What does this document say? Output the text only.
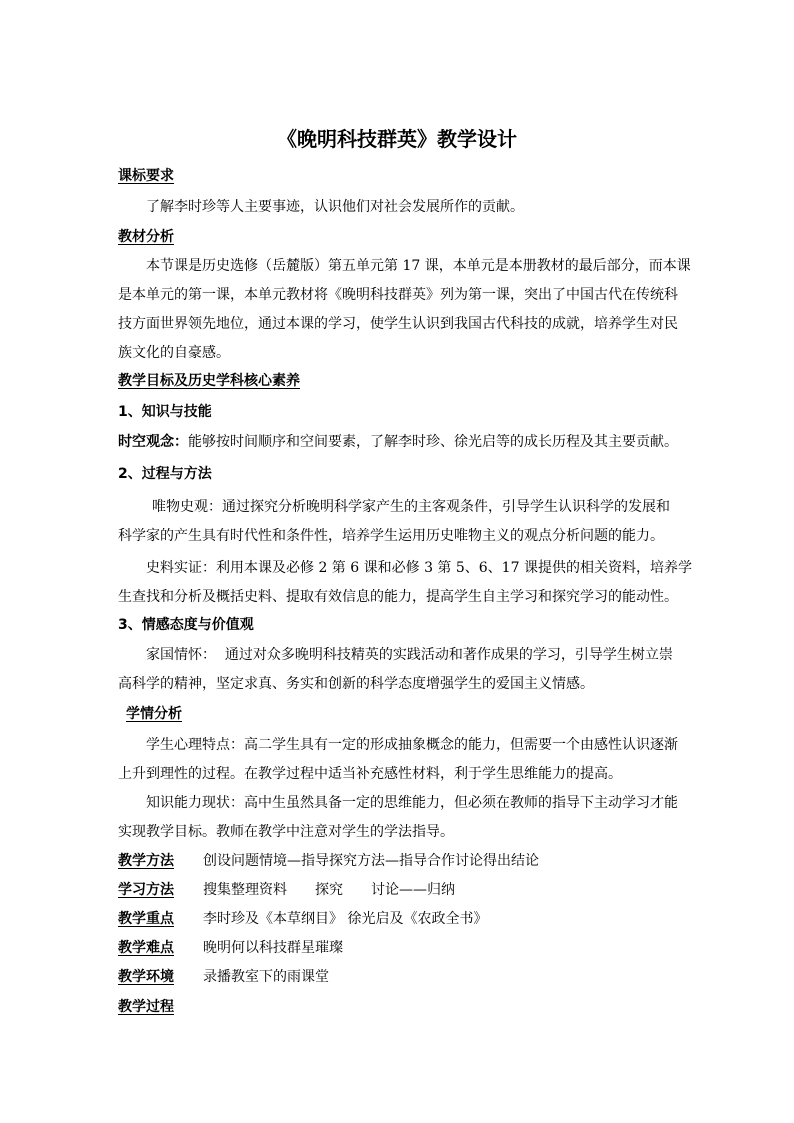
《晚明科技群英》教学设计
课标要求
了解李时珍等人主要事迹，认识他们对社会发展所作的贡献。
教材分析
本节课是历史选修（岳麓版）第五单元第 17 课，本单元是本册教材的最后部分，而本课
是本单元的第一课，本单元教材将《晚明科技群英》列为第一课，突出了中国古代在传统科
技方面世界领先地位，通过本课的学习，使学生认识到我国古代科技的成就，培养学生对民
族文化的自豪感。
教学目标及历史学科核心素养
1、知识与技能
时空观念：能够按时间顺序和空间要素，了解李时珍、徐光启等的成长历程及其主要贡献。
2、过程与方法
唯物史观：通过探究分析晚明科学家产生的主客观条件，引导学生认识科学的发展和
科学家的产生具有时代性和条件性，培养学生运用历史唯物主义的观点分析问题的能力。
史料实证：利用本课及必修 2 第 6 课和必修 3 第 5、6、17 课提供的相关资料，培养学
生查找和分析及概括史料、提取有效信息的能力，提高学生自主学习和探究学习的能动性。
3、情感态度与价值观
家国情怀：  通过对众多晚明科技精英的实践活动和著作成果的学习，引导学生树立崇
高科学的精神，坚定求真、务实和创新的科学态度增强学生的爱国主义情感。
学情分析
学生心理特点：高二学生具有一定的形成抽象概念的能力，但需要一个由感性认识逐渐
上升到理性的过程。在教学过程中适当补充感性材料，利于学生思维能力的提高。
知识能力现状：高中生虽然具备一定的思维能力，但必须在教师的指导下主动学习才能
实现教学目标。教师在教学中注意对学生的学法指导。
教学方法	创设问题情境—指导探究方法—指导合作讨论得出结论
学习方法	搜集整理资料　　探究　　讨论——归纳
教学重点	李时珍及《本草纲目》 徐光启及《农政全书》
教学难点	晚明何以科技群星璀璨
教学环境	录播教室下的雨课堂
教学过程
